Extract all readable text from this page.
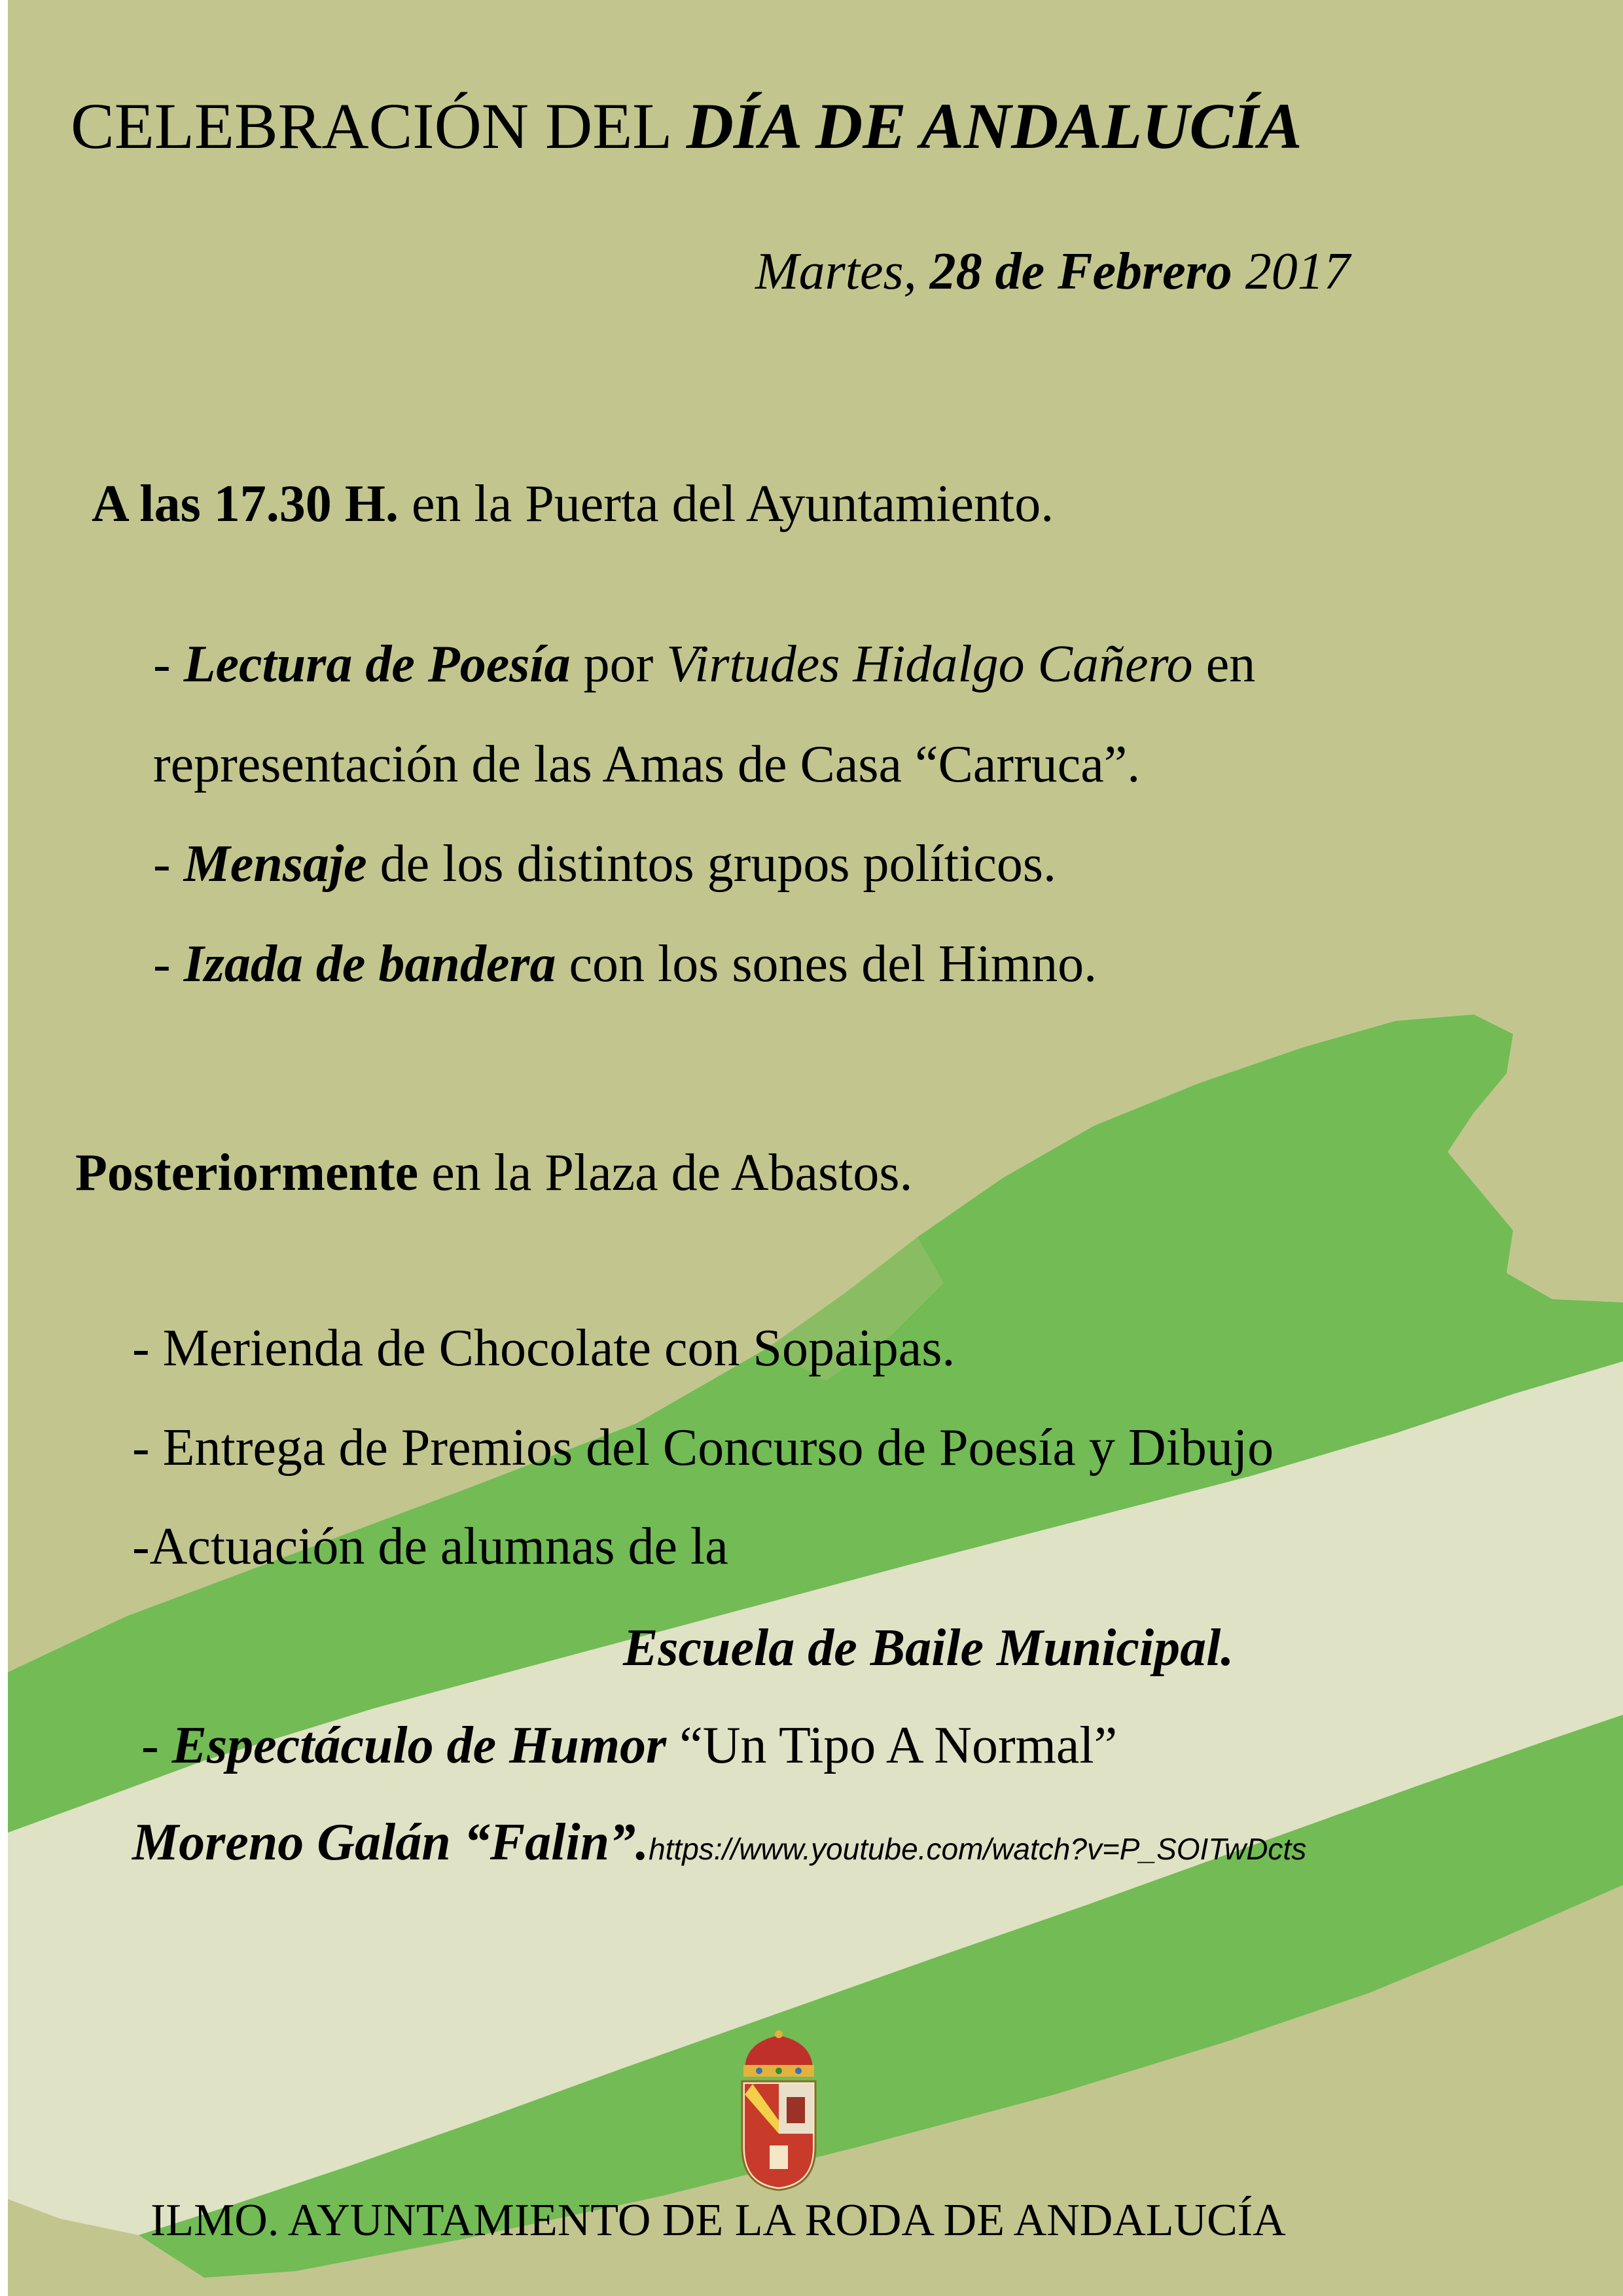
CELEBRACIÓN DEL DÍA DE ANDALUCÍA
Martes, 28 de Febrero 2017
A las 17.30 H. en la Puerta del Ayuntamiento.
- Lectura de Poesía por Virtudes Hidalgo Cañero en
representación de las Amas de Casa “Carruca”.
- Mensaje de los distintos grupos políticos.
- Izada de bandera con los sones del Himno.
Posteriormente en la Plaza de Abastos.
- Merienda de Chocolate con Sopaipas.
- Entrega de Premios del Concurso de Poesía y Dibujo
-Actuación de alumnas de la
Escuela de Baile Municipal.
- Espectáculo de Humor “Un Tipo A Normal”
Moreno Galán “Falin”.https://www.youtube.com/watch?v=P_SOITwDcts
ILMO. AYUNTAMIENTO DE LA RODA DE ANDALUCÍA
